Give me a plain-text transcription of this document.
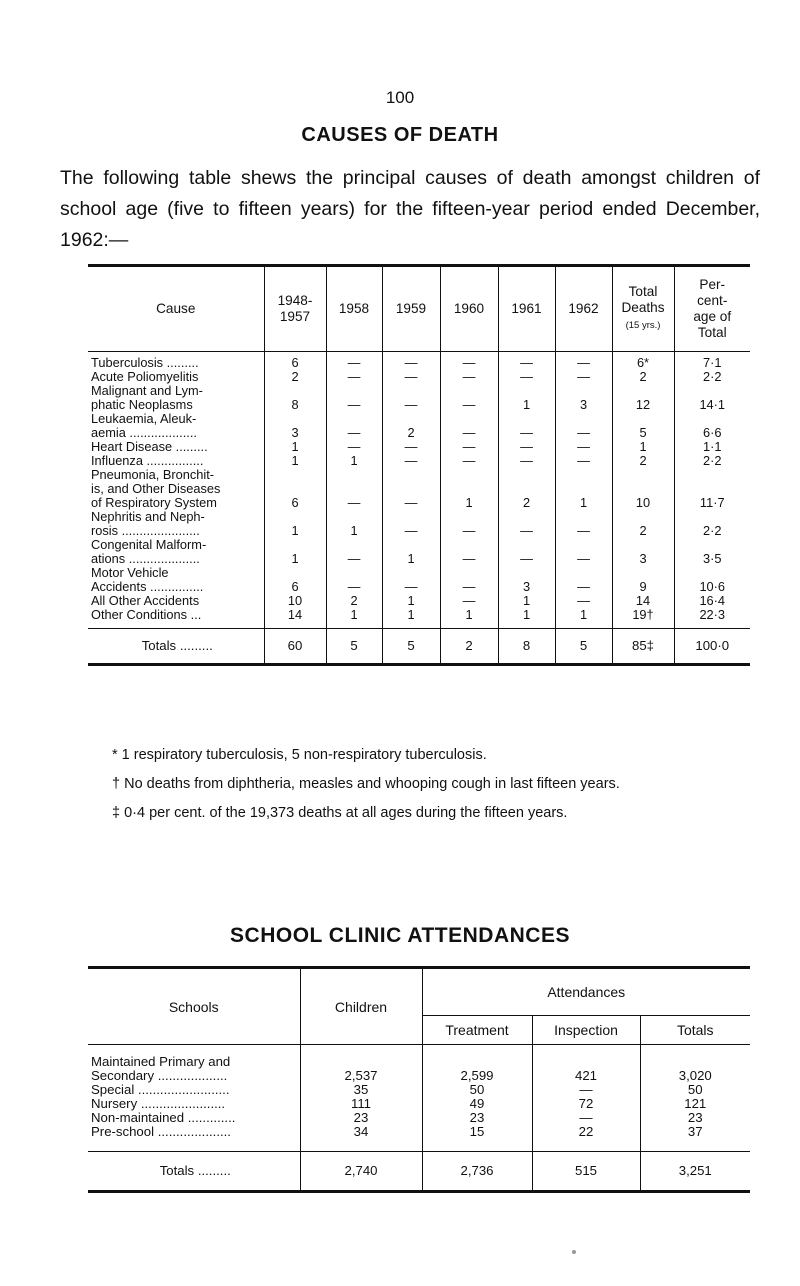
100
CAUSES OF DEATH

The following table shews the principal causes of death amongst children of school age (five to fifteen years) for the fifteen-year period ended December, 1962:—

Cause	1948-
1957	1958	1959	1960	1961	1962	Total
Deaths
(15 yrs.)	Per-
cent-
age of
Total
Tuberculosis .........	6	—	—	—	—	—	6*	7·1
Acute Poliomyelitis	2	—	—	—	—	—	2	2·2
Malignant and Lym-
phatic Neoplasms	8	—	—	—	1	3	12	14·1
Leukaemia, Aleuk-
aemia ...................	3	—	2	—	—	—	5	6·6
Heart Disease .........	1	—	—	—	—	—	1	1·1
Influenza ................	1	1	—	—	—	—	2	2·2
Pneumonia, Bronchit-
is, and Other Diseases
of Respiratory System	6	—	—	1	2	1	10	11·7
Nephritis and Neph-
rosis ......................	1	1	—	—	—	—	2	2·2
Congenital Malform-
ations ....................	1	—	1	—	—	—	3	3·5
Motor Vehicle
Accidents ...............	6	—	—	—	3	—	9	10·6
All Other Accidents	10	2	1	—	1	—	14	16·4
Other Conditions ...	14	1	1	1	1	1	19†	22·3
Totals .........	60	5	5	2	8	5	85‡	100·0
* 1 respiratory tuberculosis, 5 non-respiratory tuberculosis.
† No deaths from diphtheria, measles and whooping cough in last fifteen years.
‡ 0·4 per cent. of the 19,373 deaths at all ages during the fifteen years.
SCHOOL CLINIC ATTENDANCES
Schools	Children	Attendances		
		Treatment	Inspection	Totals
Maintained Primary and
Secondary ...................	2,537	2,599	421	3,020
Special .........................	35	50	—	50
Nursery .......................	111	49	72	121
Non-maintained .............	23	23	—	23
Pre-school ....................	34	15	22	37
Totals .........	2,740	2,736	515	3,251
